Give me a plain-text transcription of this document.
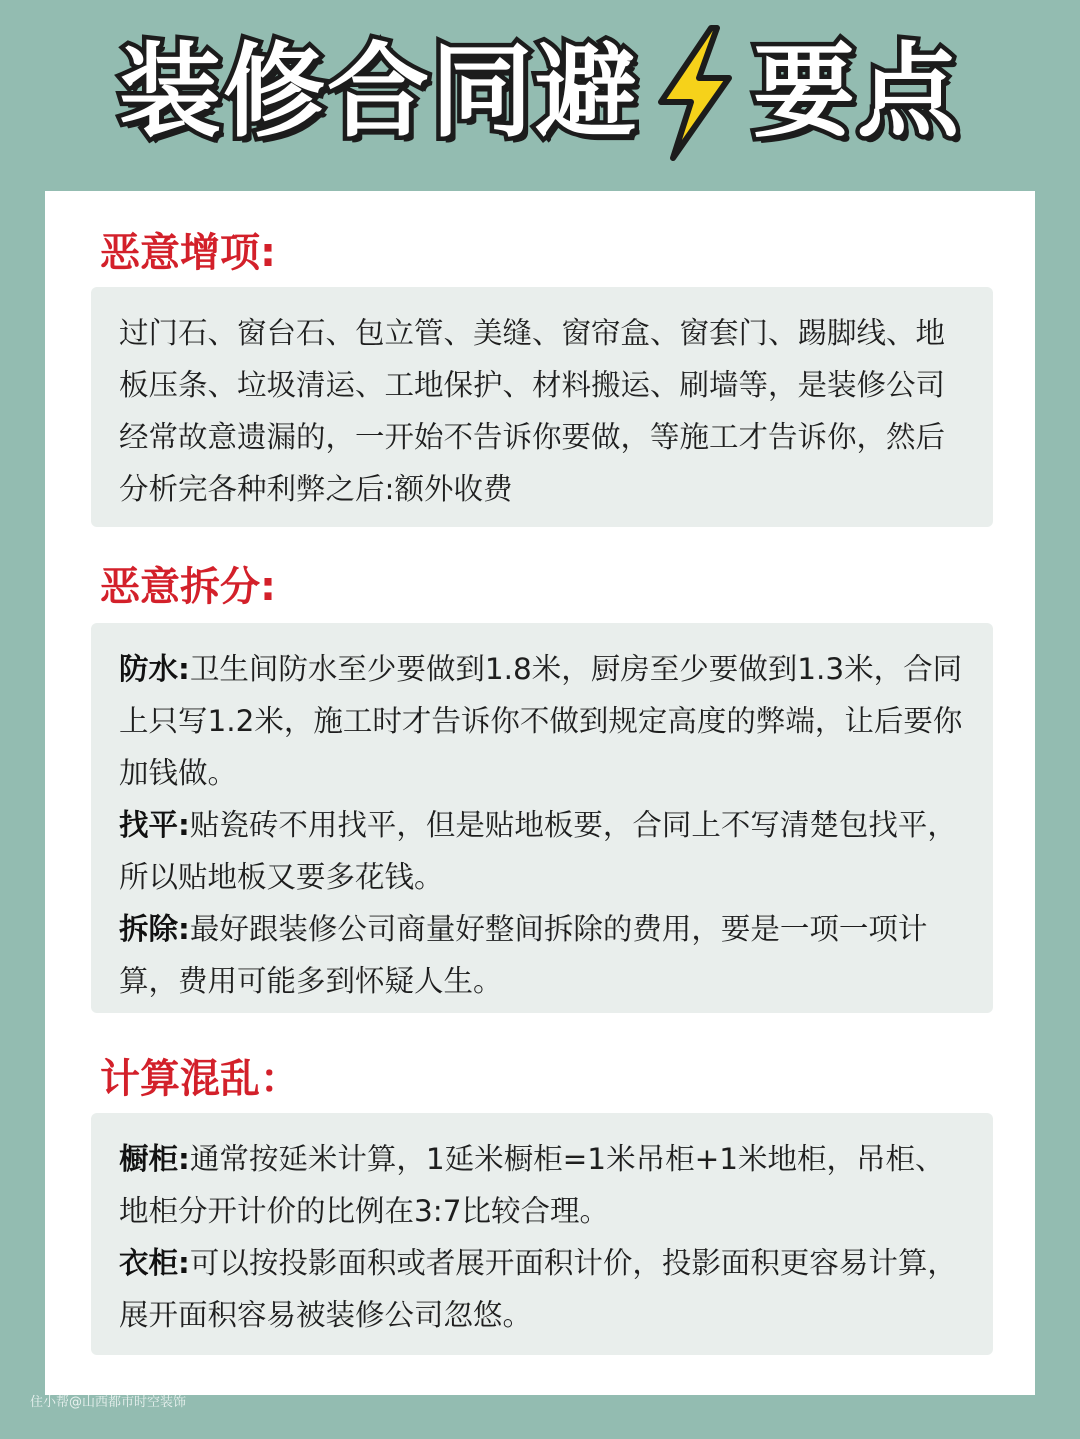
装修合同避 要点
恶意增项:

过门石、窗台石、包立管、美缝、窗帘盒、窗套门、踢脚线、地板压条、垃圾清运、工地保护、材料搬运、刷墙等，是装修公司经常故意遗漏的，一开始不告诉你要做，等施工才告诉你，然后分析完各种利弊之后:额外收费

恶意拆分:

防水:卫生间防水至少要做到1.8米，厨房至少要做到1.3米，合同上只写1.2米，施工时才告诉你不做到规定高度的弊端，让后要你加钱做。

找平:贴瓷砖不用找平，但是贴地板要，合同上不写清楚包找平，所以贴地板又要多花钱。

拆除:最好跟装修公司商量好整间拆除的费用，要是一项一项计算，费用可能多到怀疑人生。

计算混乱：

橱柜:通常按延米计算，1延米橱柜=1米吊柜+1米地柜，吊柜、地柜分开计价的比例在3:7比较合理。

衣柜:可以按投影面积或者展开面积计价，投影面积更容易计算，展开面积容易被装修公司忽悠。

住小帮@山西都市时空装饰
